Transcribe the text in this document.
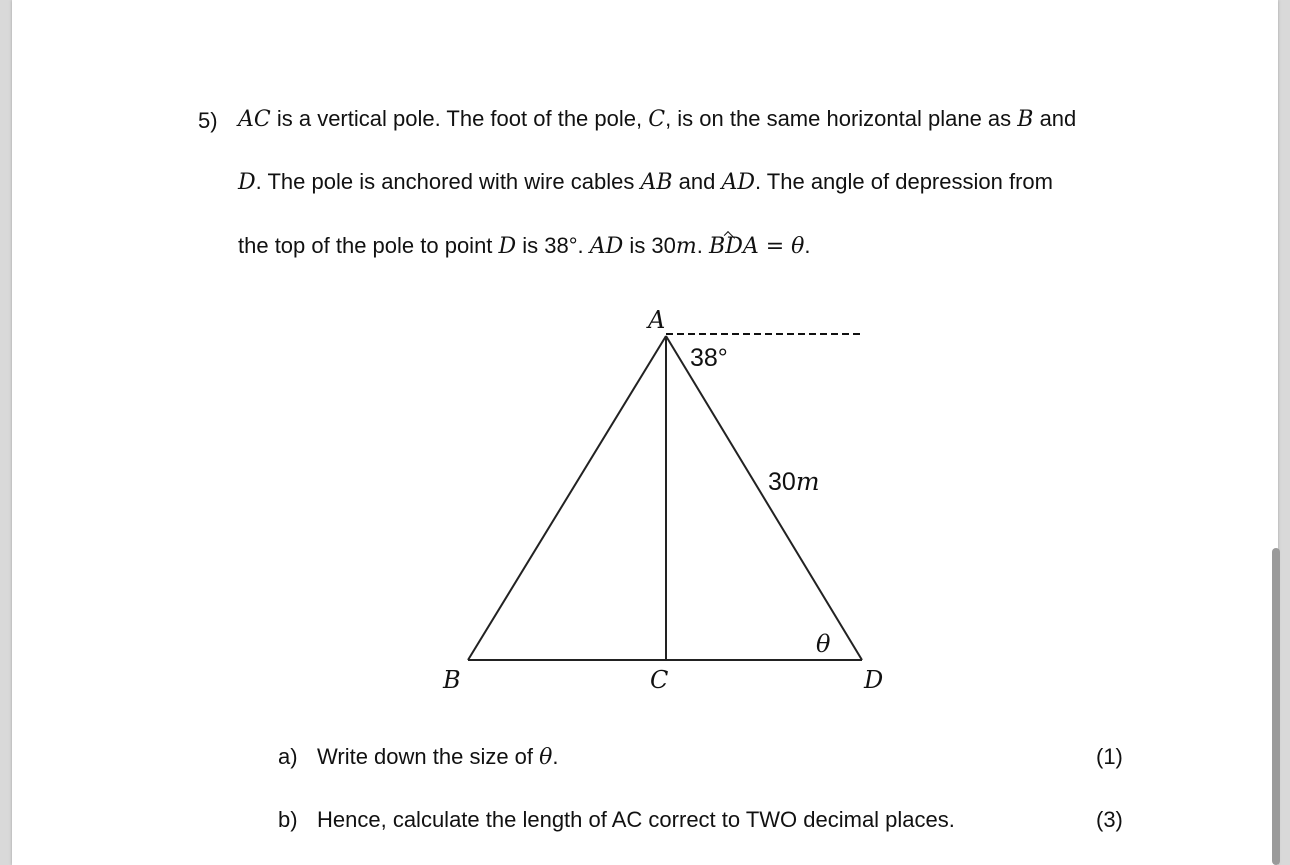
5) AC is a vertical pole. The foot of the pole, C, is on the same horizontal plane as B and
D. The pole is anchored with wire cables AB and AD. The angle of depression from
the top of the pole to point D is 38°. AD is 30m. BDA = θ.
A
B	C	D
38°
30m
θ
a) Write down the size of θ.	(1)
b) Hence, calculate the length of AC correct to TWO decimal places.	(3)
